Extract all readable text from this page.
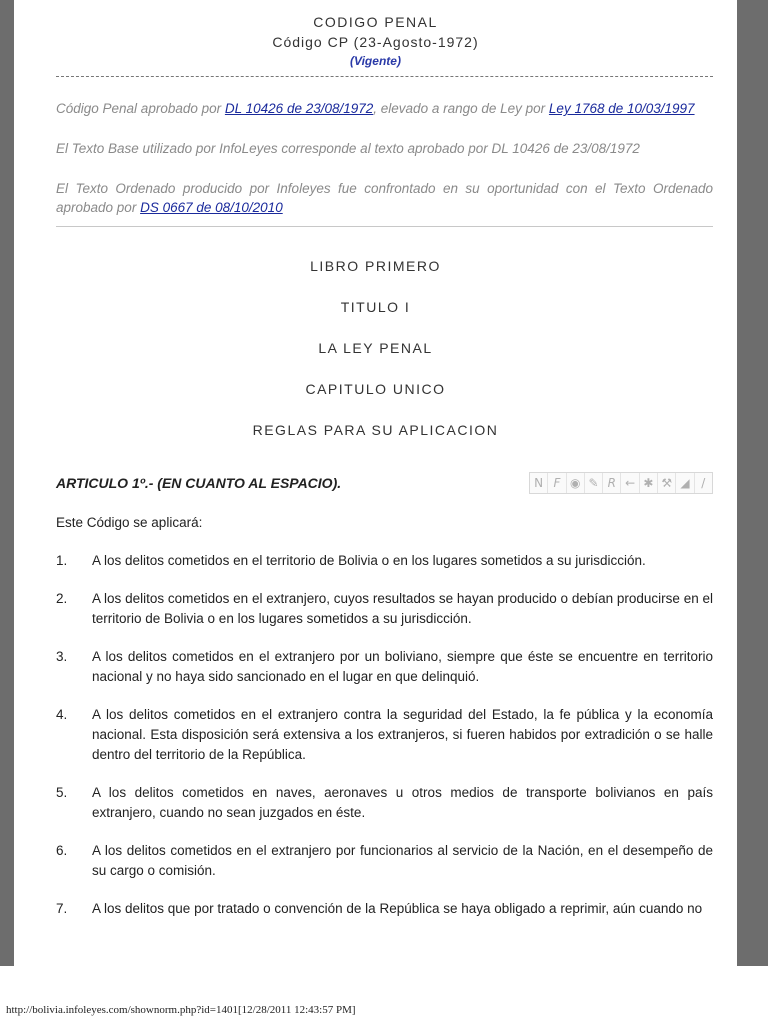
CODIGO PENAL
Código CP (23-Agosto-1972)
(Vigente)

Código Penal aprobado por DL 10426 de 23/08/1972, elevado a rango de Ley por Ley 1768 de 10/03/1997

El Texto Base utilizado por InfoLeyes corresponde al texto aprobado por DL 10426 de 23/08/1972

El Texto Ordenado producido por Infoleyes fue confrontado en su oportunidad con el Texto Ordenado aprobado por DS 0667 de 08/10/2010

LIBRO PRIMERO
TITULO I
LA LEY PENAL
CAPITULO UNICO
REGLAS PARA SU APLICACION
ARTICULO 1º.- (EN CUANTO AL ESPACIO).	N F ◉ ✎ R ← ✱ ⚒ ◢ /
Este Código se aplicará:
1.	A los delitos cometidos en el territorio de Bolivia o en los lugares sometidos a su jurisdicción.
2.	A los delitos cometidos en el extranjero, cuyos resultados se hayan producido o debían producirse en el territorio de Bolivia o en los lugares sometidos a su jurisdicción.
3.	A los delitos cometidos en el extranjero por un boliviano, siempre que éste se encuentre en territorio nacional y no haya sido sancionado en el lugar en que delinquió.
4.	A los delitos cometidos en el extranjero contra la seguridad del Estado, la fe pública y la economía nacional. Esta disposición será extensiva a los extranjeros, si fueren habidos por extradición o se halle dentro del territorio de la República.
5.	A los delitos cometidos en naves, aeronaves u otros medios de transporte bolivianos en país extranjero, cuando no sean juzgados en éste.
6.	A los delitos cometidos en el extranjero por funcionarios al servicio de la Nación, en el desempeño de su cargo o comisión.
7.	A los delitos que por tratado o convención de la República se haya obligado a reprimir, aún cuando no
http://bolivia.infoleyes.com/shownorm.php?id=1401[12/28/2011 12:43:57 PM]
